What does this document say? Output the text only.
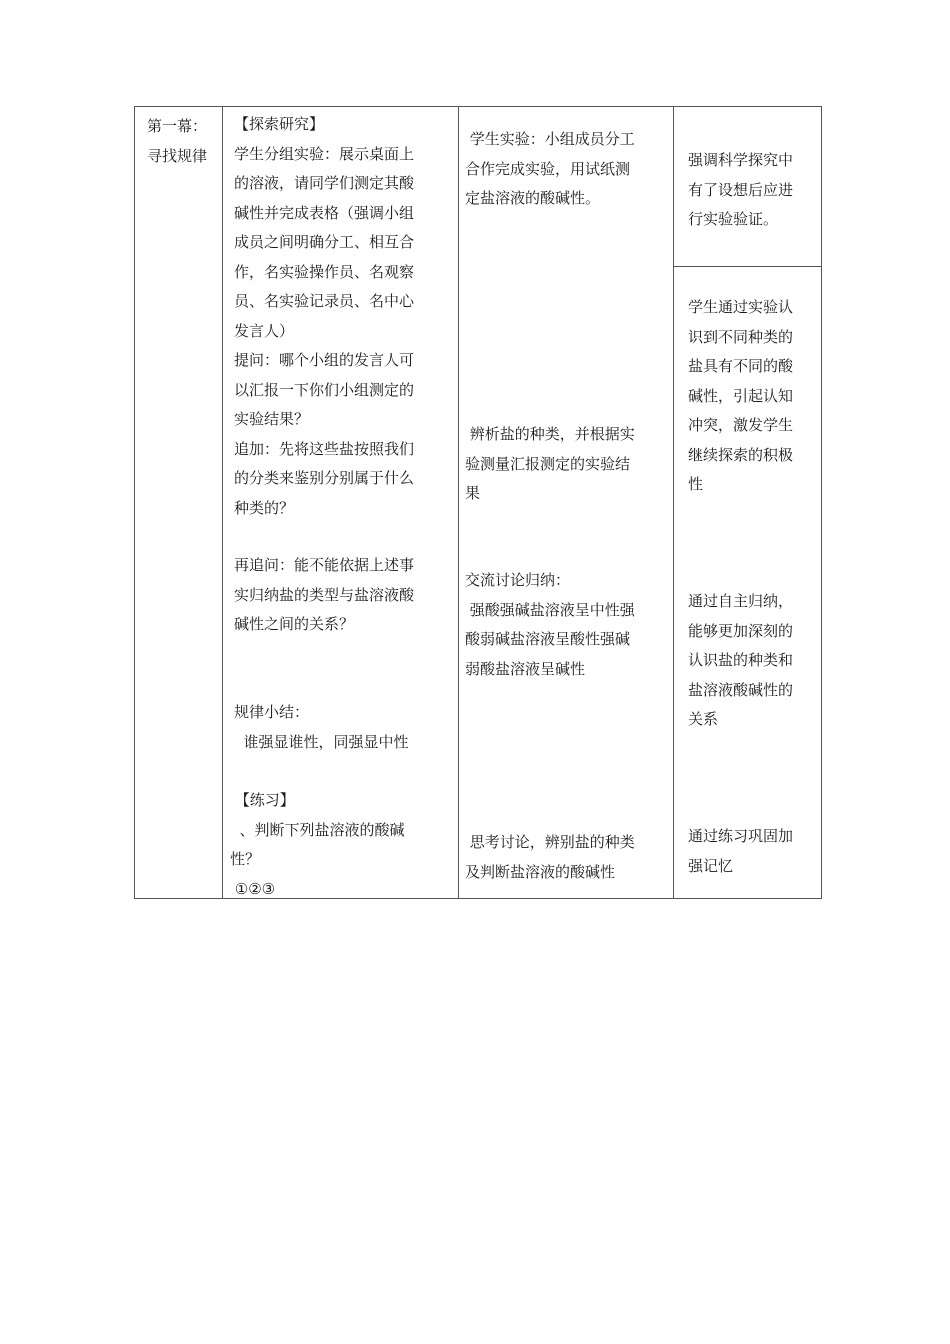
第一幕：
寻找规律
【探索研究】
学生分组实验：展示桌面上
的溶液，请同学们测定其酸
碱性并完成表格（强调小组
成员之间明确分工、相互合
作，名实验操作员、名观察
员、名实验记录员、名中心
发言人）
提问：哪个小组的发言人可
以汇报一下你们小组测定的
实验结果？
追加：先将这些盐按照我们
的分类来鉴别分别属于什么
种类的？
再追问：能不能依据上述事
实归纳盐的类型与盐溶液酸
碱性之间的关系？
规律小结：
谁强显谁性，同强显中性
【练习】
、判断下列盐溶液的酸碱
性？
①②③
学生实验：小组成员分工
合作完成实验，用试纸测
定盐溶液的酸碱性。
辨析盐的种类，并根据实
验测量汇报测定的实验结
果
交流讨论归纳：
强酸强碱盐溶液呈中性强
酸弱碱盐溶液呈酸性强碱
弱酸盐溶液呈碱性
思考讨论，辨别盐的种类
及判断盐溶液的酸碱性
强调科学探究中
有了设想后应进
行实验验证。
学生通过实验认
识到不同种类的
盐具有不同的酸
碱性，引起认知
冲突，激发学生
继续探索的积极
性
通过自主归纳，
能够更加深刻的
认识盐的种类和
盐溶液酸碱性的
关系
通过练习巩固加
强记忆
